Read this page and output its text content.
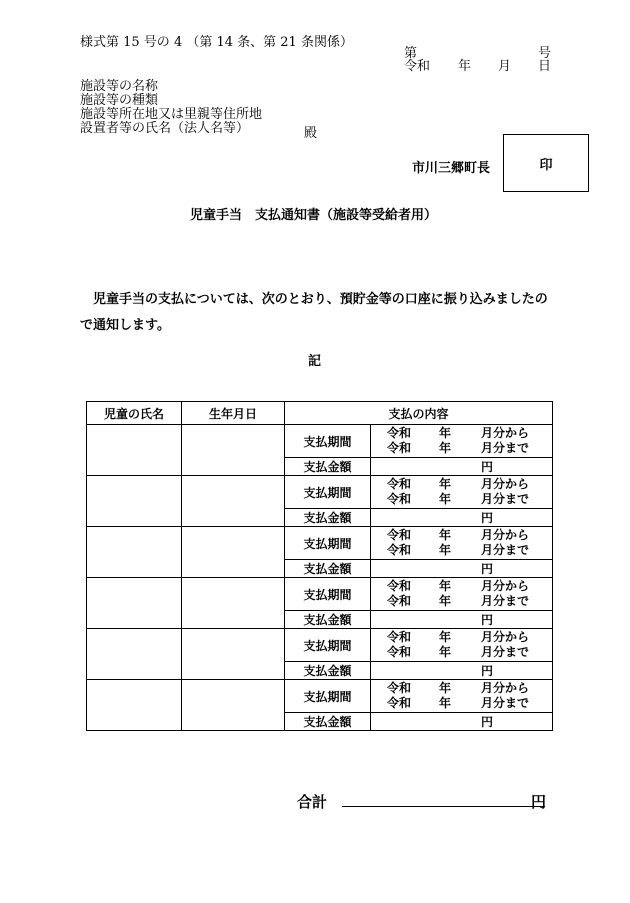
様式第 15 号の 4 （第 14 条、第 21 条関係）
第	号
令和 年 月 日
施設等の名称
施設等の種類
施設等所在地又は里親等住所地
設置者等の氏名（法人名等）	殿
市川三郷町長	印
児童手当　支払通知書（施設等受給者用）
児童手当の支払については、次のとおり、預貯金等の口座に振り込みましたので通知します。
記
児童の氏名	生年月日	支払の内容	
		支払期間	令和 年 月分から
令和 年 月分まで

		支払金額	円
		支払期間	令和 年 月分から
令和 年 月分まで

		支払金額	円
		支払期間	令和 年 月分から
令和 年 月分まで

		支払金額	円
		支払期間	令和 年 月分から
令和 年 月分まで

		支払金額	円
		支払期間	令和 年 月分から
令和 年 月分まで

		支払金額	円
		支払期間	令和 年 月分から
令和 年 月分まで

		支払金額	円
合計	円
